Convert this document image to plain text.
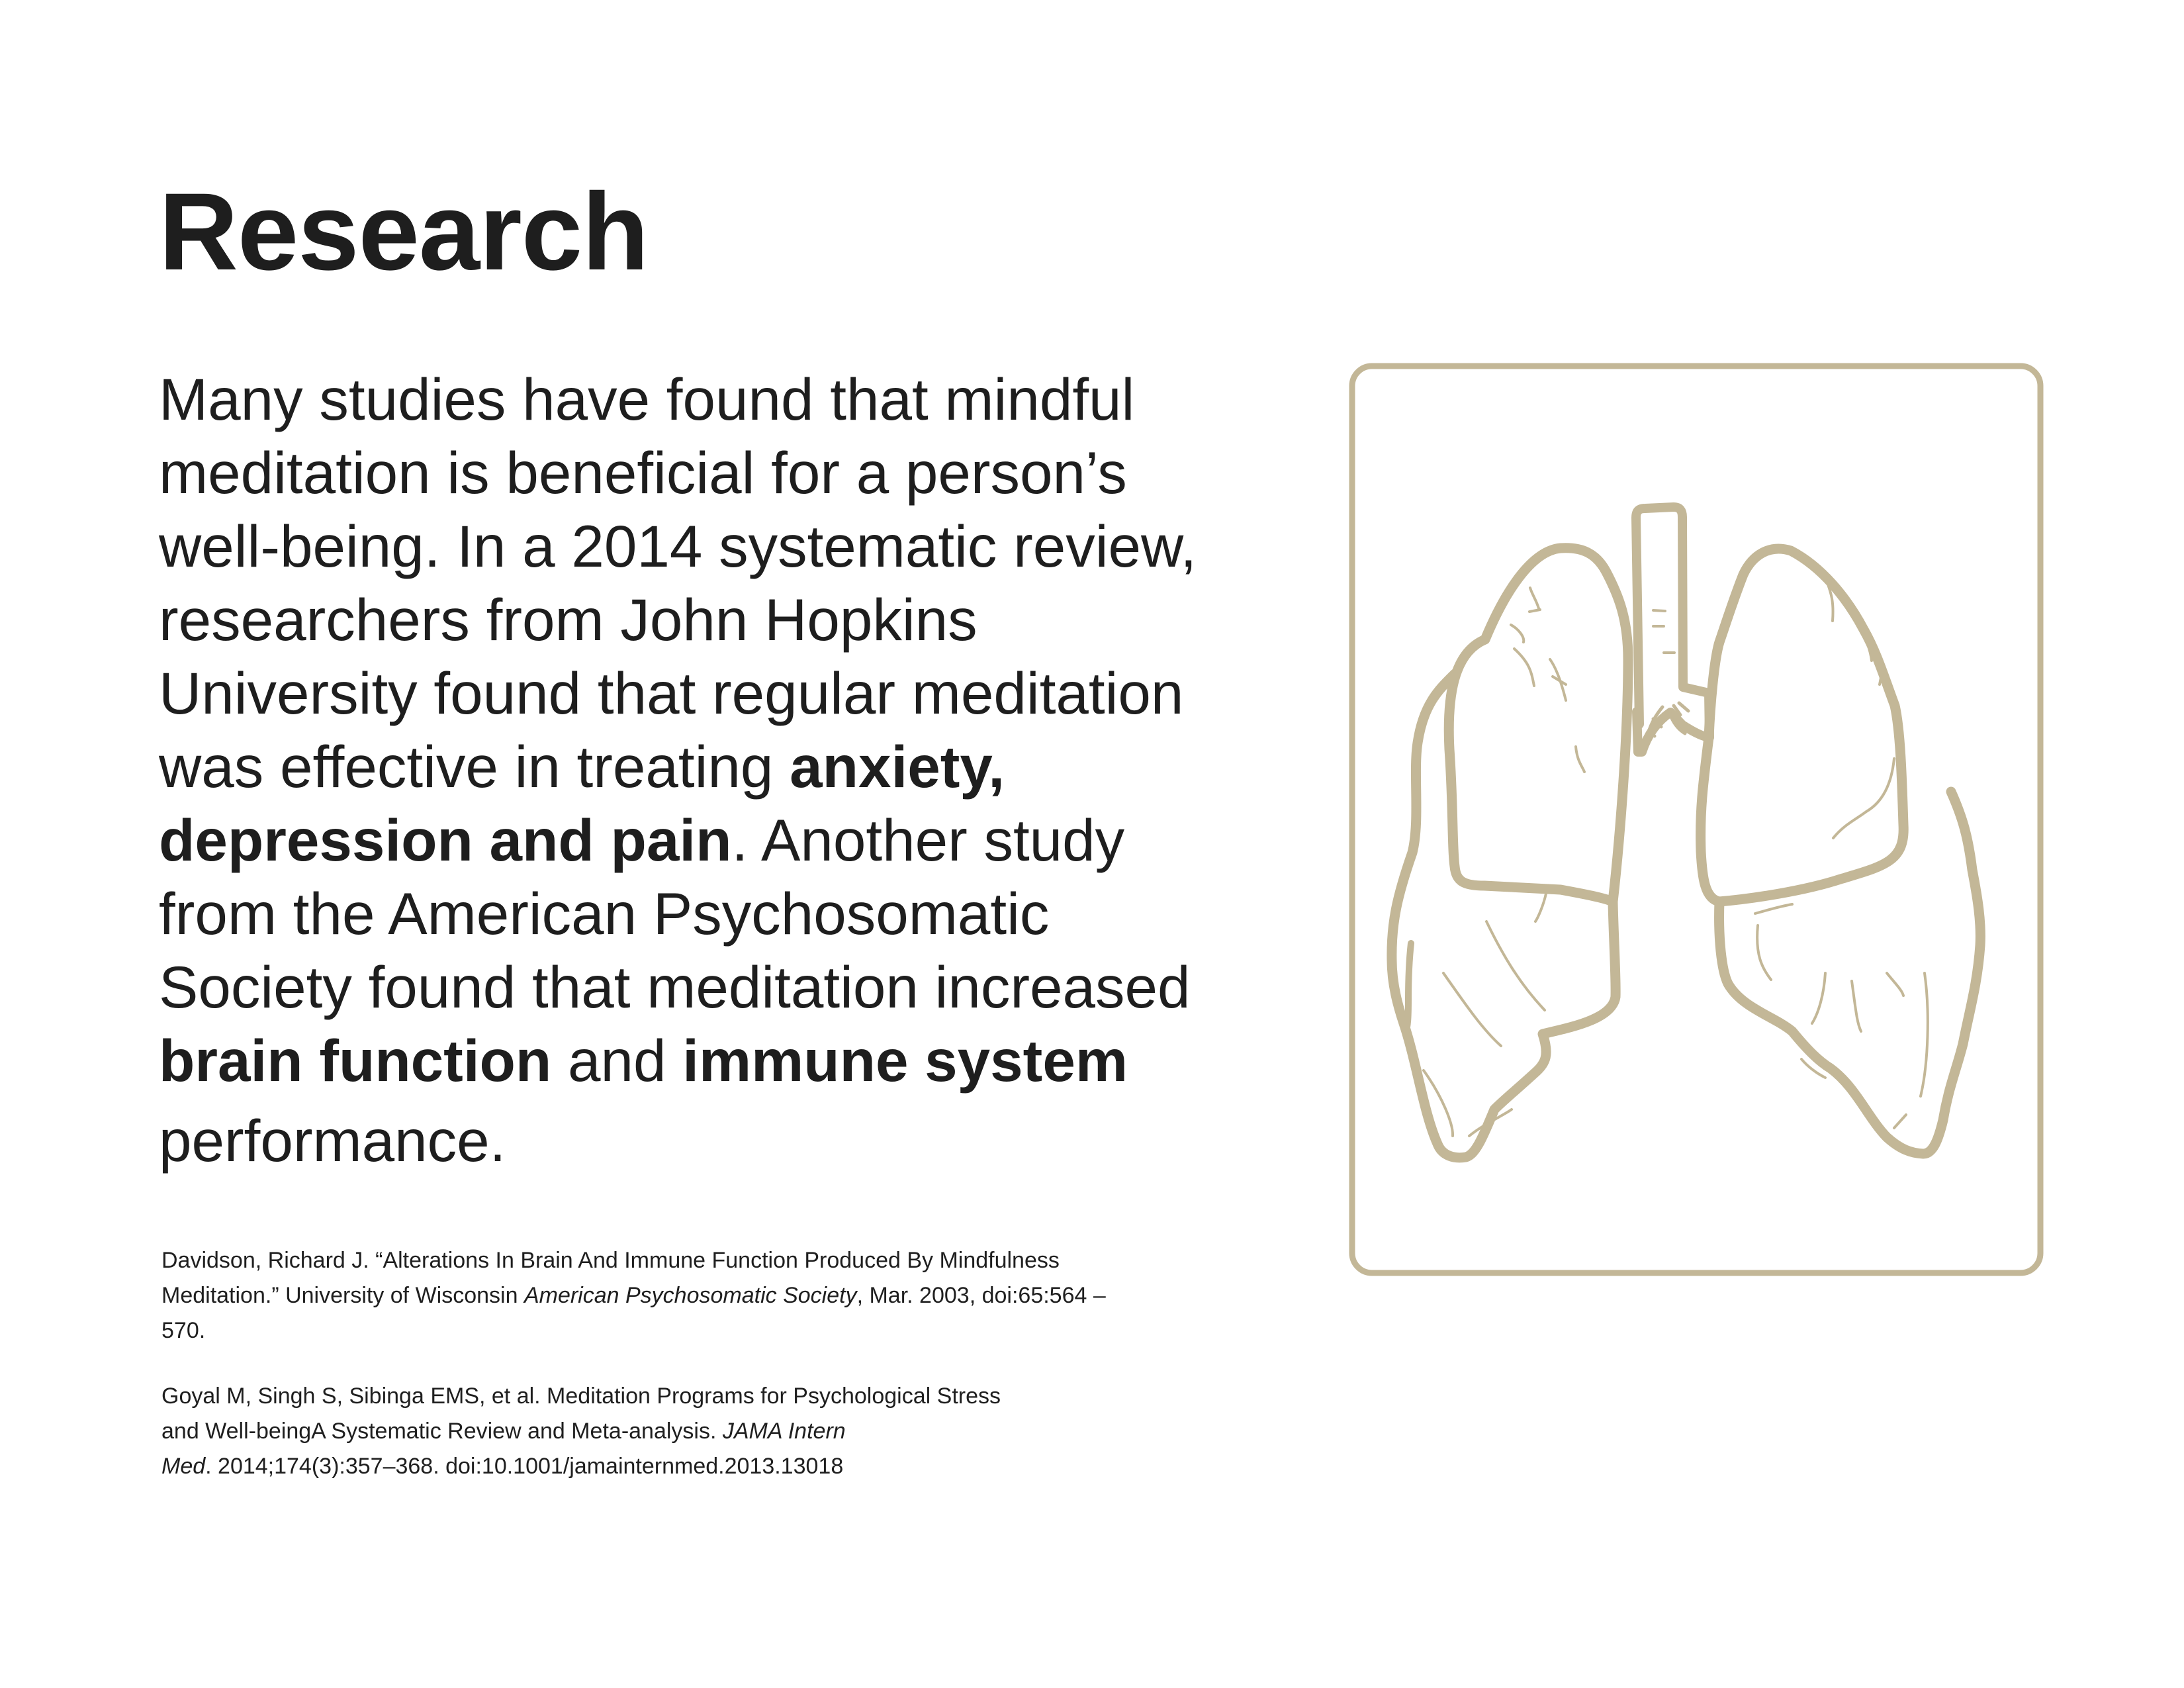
Research

Many studies have found that mindful
meditation is beneficial for a person’s
well-being. In a 2014 systematic review,
researchers from John Hopkins
University found that regular meditation
was effective in treating anxiety,
depression and pain. Another study
from the American Psychosomatic
Society found that meditation increased
brain function and immune system
performance.

Davidson, Richard J. “Alterations In Brain And Immune Function Produced By Mindfulness
Meditation.” University of Wisconsin American Psychosomatic Society, Mar. 2003, doi:65:564 –
570.

Goyal M, Singh S, Sibinga EMS, et al. Meditation Programs for Psychological Stress
and Well-beingA Systematic Review and Meta-analysis. JAMA Intern
Med. 2014;174(3):357–368. doi:10.1001/jamainternmed.2013.13018
